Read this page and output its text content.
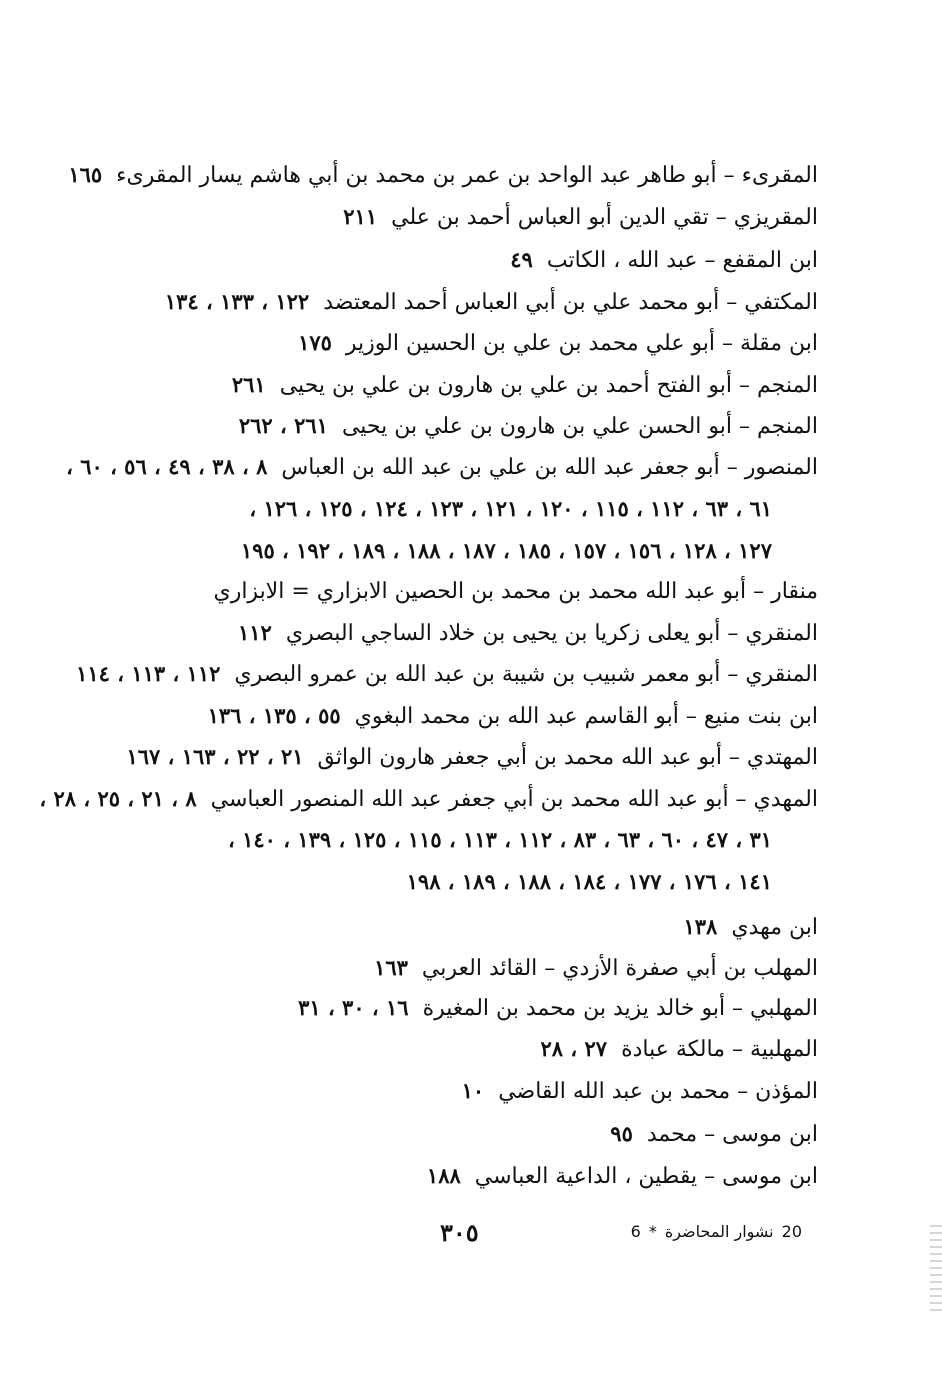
المقرىء – أبو طاهر عبد الواحد بن عمر بن محمد بن أبي هاشم يسار المقرىء١٦٥
المقريزي – تقي الدين أبو العباس أحمد بن علي٢١١
ابن المقفع – عبد الله ، الكاتب٤٩
المكتفي – أبو محمد علي بن أبي العباس أحمد المعتضد١٢٢ ، ١٣٣ ، ١٣٤
ابن مقلة – أبو علي محمد بن علي بن الحسين الوزير١٧٥
المنجم – أبو الفتح أحمد بن علي بن هارون بن علي بن يحيى٢٦١
المنجم – أبو الحسن علي بن هارون بن علي بن يحيى٢٦١ ، ٢٦٢
المنصور – أبو جعفر عبد الله بن علي بن عبد الله بن العباس٨ ، ٣٨ ، ٤٩ ، ٥٦ ، ٦٠ ،
٦١ ، ٦٣ ، ١١٢ ، ١١٥ ، ١٢٠ ، ١٢١ ، ١٢٣ ، ١٢٤ ، ١٢٥ ، ١٢٦ ،
١٢٧ ، ١٢٨ ، ١٥٦ ، ١٥٧ ، ١٨٥ ، ١٨٧ ، ١٨٨ ، ١٨٩ ، ١٩٢ ، ١٩٥
منقار – أبو عبد الله محمد بن محمد بن الحصين الابزاري = الابزاري
المنقري – أبو يعلى زكريا بن يحيى بن خلاد الساجي البصري١١٢
المنقري – أبو معمر شبيب بن شيبة بن عبد الله بن عمرو البصري١١٢ ، ١١٣ ، ١١٤
ابن بنت منيع – أبو القاسم عبد الله بن محمد البغوي٥٥ ، ١٣٥ ، ١٣٦
المهتدي – أبو عبد الله محمد بن أبي جعفر هارون الواثق٢١ ، ٢٢ ، ١٦٣ ، ١٦٧
المهدي – أبو عبد الله محمد بن أبي جعفر عبد الله المنصور العباسي٨ ، ٢١ ، ٢٥ ، ٢٨ ،
٣١ ، ٤٧ ، ٦٠ ، ٦٣ ، ٨٣ ، ١١٢ ، ١١٣ ، ١١٥ ، ١٢٥ ، ١٣٩ ، ١٤٠ ،
١٤١ ، ١٧٦ ، ١٧٧ ، ١٨٤ ، ١٨٨ ، ١٨٩ ، ١٩٨
ابن مهدي١٣٨
المهلب بن أبي صفرة الأزدي – القائد العربي١٦٣
المهلبي – أبو خالد يزيد بن محمد بن المغيرة١٦ ، ٣٠ ، ٣١
المهلبية – مالكة عبادة٢٧ ، ٢٨
المؤذن – محمد بن عبد الله القاضي١٠
ابن موسى – محمد٩٥
ابن موسى – يقطين ، الداعية العباسي١٨٨
٣٠٥	20نشوار المحاضرة*6
